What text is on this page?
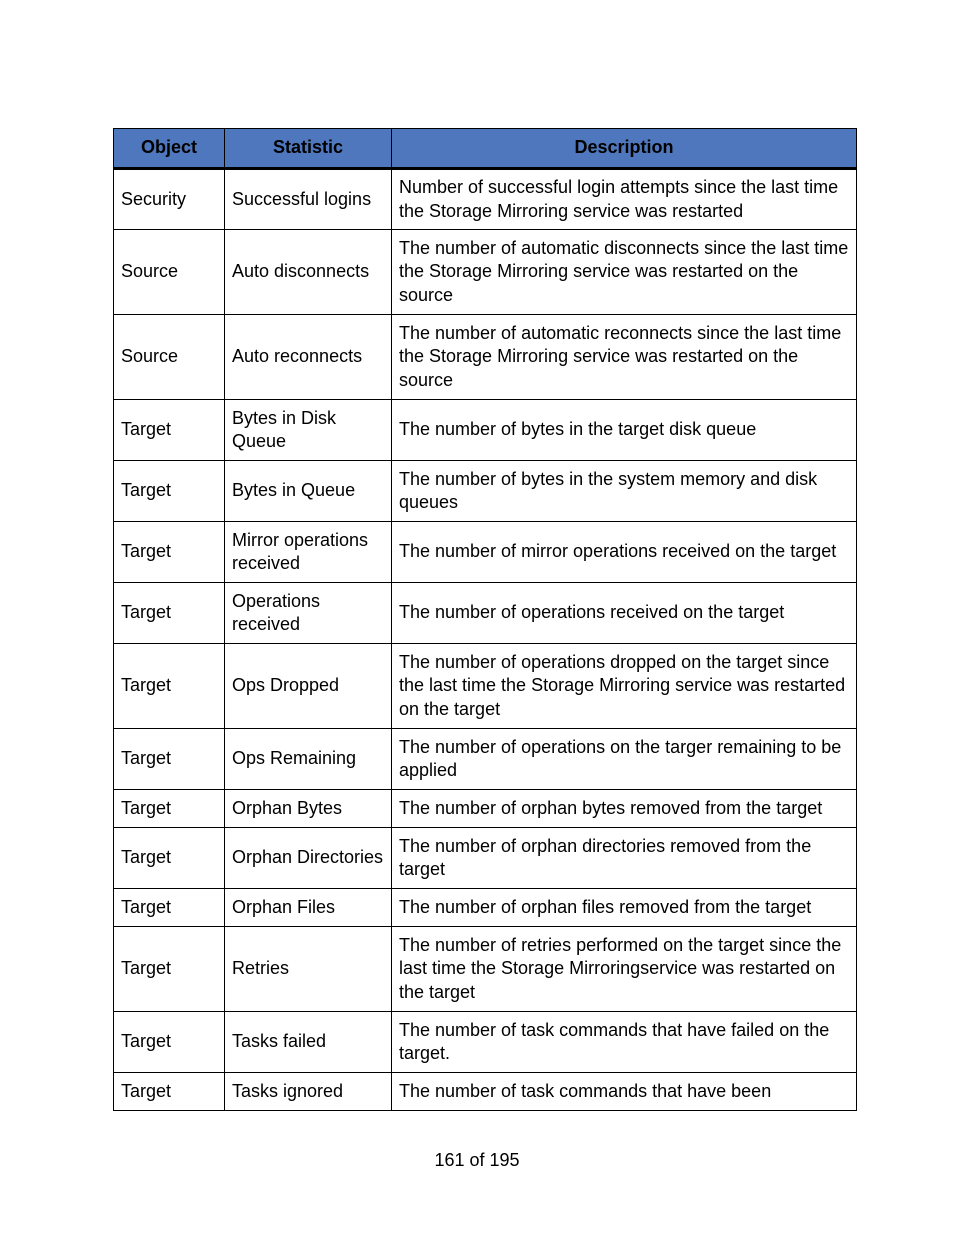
Object	Statistic	Description
Security	Successful logins	Number of successful login attempts since the last time the Storage Mirroring service was restarted
Source	Auto disconnects	The number of automatic disconnects since the last time the Storage Mirroring service was restarted on the source
Source	Auto reconnects	The number of automatic reconnects since the last time the Storage Mirroring service was restarted on the source
Target	Bytes in Disk Queue	The number of bytes in the target disk queue
Target	Bytes in Queue	The number of bytes in the system memory and disk queues
Target	Mirror operations received	The number of mirror operations received on the target
Target	Operations received	The number of operations received on the target
Target	Ops Dropped	The number of operations dropped on the target since the last time the Storage Mirroring service was restarted on the target
Target	Ops Remaining	The number of operations on the targer remaining to be applied
Target	Orphan Bytes	The number of orphan bytes removed from the target
Target	Orphan Directories	The number of orphan directories removed from the target
Target	Orphan Files	The number of orphan files removed from the target
Target	Retries	The number of retries performed on the target since the last time the Storage Mirroringservice was restarted on the target
Target	Tasks failed	The number of task commands that have failed on the target.
Target	Tasks ignored	The number of task commands that have been
161 of 195
